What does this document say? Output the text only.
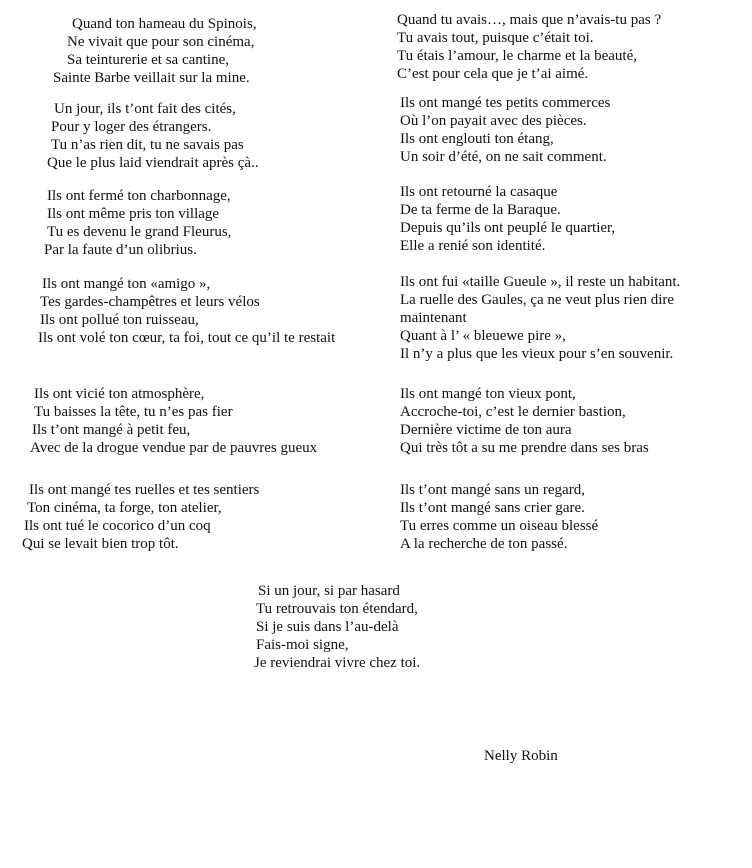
Quand ton hameau du Spinois,
Ne vivait que pour son cinéma,
Sa teinturerie et sa cantine,
Sainte Barbe veillait sur la mine.
Un jour, ils t’ont fait des cités,
Pour y loger des étrangers.
Tu n’as rien dit, tu ne savais pas
Que le plus laid viendrait après çà..
Ils ont fermé ton charbonnage,
Ils ont même pris ton village
Tu es devenu le grand Fleurus,
Par la faute d’un olibrius.
Ils ont mangé ton «amigo »,
Tes gardes-champêtres et leurs vélos
Ils ont pollué ton ruisseau,
Ils ont volé ton cœur, ta foi, tout ce qu’il te restait
Ils ont vicié ton atmosphère,
Tu baisses la tête, tu n’es pas fier
Ils t’ont mangé à petit feu,
Avec de la drogue vendue par de pauvres gueux
Ils ont mangé tes ruelles et tes sentiers
Ton cinéma, ta forge, ton atelier,
Ils ont tué le cocorico d’un coq
Qui se levait bien trop tôt.
Quand tu avais…, mais que n’avais-tu pas ?
Tu avais tout, puisque c’était toi.
Tu étais l’amour, le charme et la beauté,
C’est pour cela que je t’ai aimé.
Ils ont mangé tes petits commerces
Où l’on payait avec des pièces.
Ils ont englouti ton étang,
Un soir d’été, on ne sait comment.
Ils ont retourné la casaque
De ta ferme de la Baraque.
Depuis qu’ils ont peuplé le quartier,
Elle a renié son identité.
Ils ont fui «taille Gueule », il reste un habitant.
La ruelle des Gaules, ça ne veut plus rien dire
maintenant
Quant à l’ « bleuewe pire »,
Il n’y a plus que les vieux pour s’en souvenir.
Ils ont mangé ton vieux pont,
Accroche-toi, c’est le dernier bastion,
Dernière victime de ton aura
Qui très tôt a su me prendre dans ses bras
Ils t’ont mangé sans un regard,
Ils t’ont mangé sans crier gare.
Tu erres comme un oiseau blessé
A la recherche de ton passé.
Si un jour, si par hasard
Tu retrouvais ton étendard,
Si je suis dans l’au-delà
Fais-moi signe,
Je reviendrai vivre chez toi.
Nelly Robin
